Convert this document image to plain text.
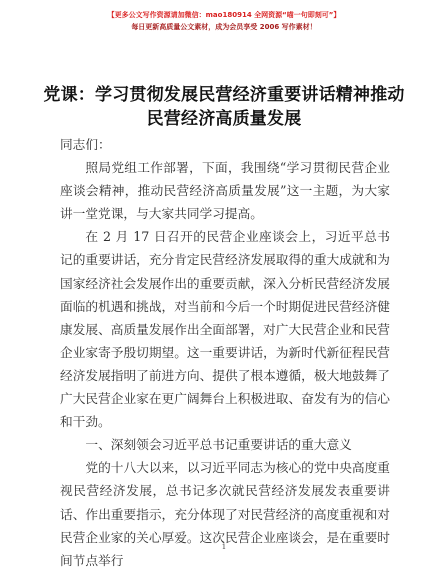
【更多公文写作资源请加微信：mao180914 全网资源“喵一句即刻可”】
每日更新高质量公文素材，成为会员享受 2006 写作素材！
党课：学习贯彻发展民营经济重要讲话精神推动民营经济高质量发展

同志们：

照局党组工作部署，下面，我围绕“学习贯彻民营企业座谈会精神，推动民营经济高质量发展”这一主题，为大家讲一堂党课，与大家共同学习提高。

在 2 月 17 日召开的民营企业座谈会上，习近平总书记的重要讲话，充分肯定民营经济发展取得的重大成就和为国家经济社会发展作出的重要贡献，深入分析民营经济发展面临的机遇和挑战，对当前和今后一个时期促进民营经济健康发展、高质量发展作出全面部署，对广大民营企业和民营企业家寄予殷切期望。这一重要讲话，为新时代新征程民营经济发展指明了前进方向、提供了根本遵循，极大地鼓舞了广大民营企业家在更广阔舞台上积极进取、奋发有为的信心和干劲。

一、深刻领会习近平总书记重要讲话的重大意义

党的十八大以来，以习近平同志为核心的党中央高度重视民营经济发展，总书记多次就民营经济发展发表重要讲话、作出重要指示，充分体现了对民营经济的高度重视和对民营企业家的关心厚爱。这次民营企业座谈会，是在重要时间节点举行

1
